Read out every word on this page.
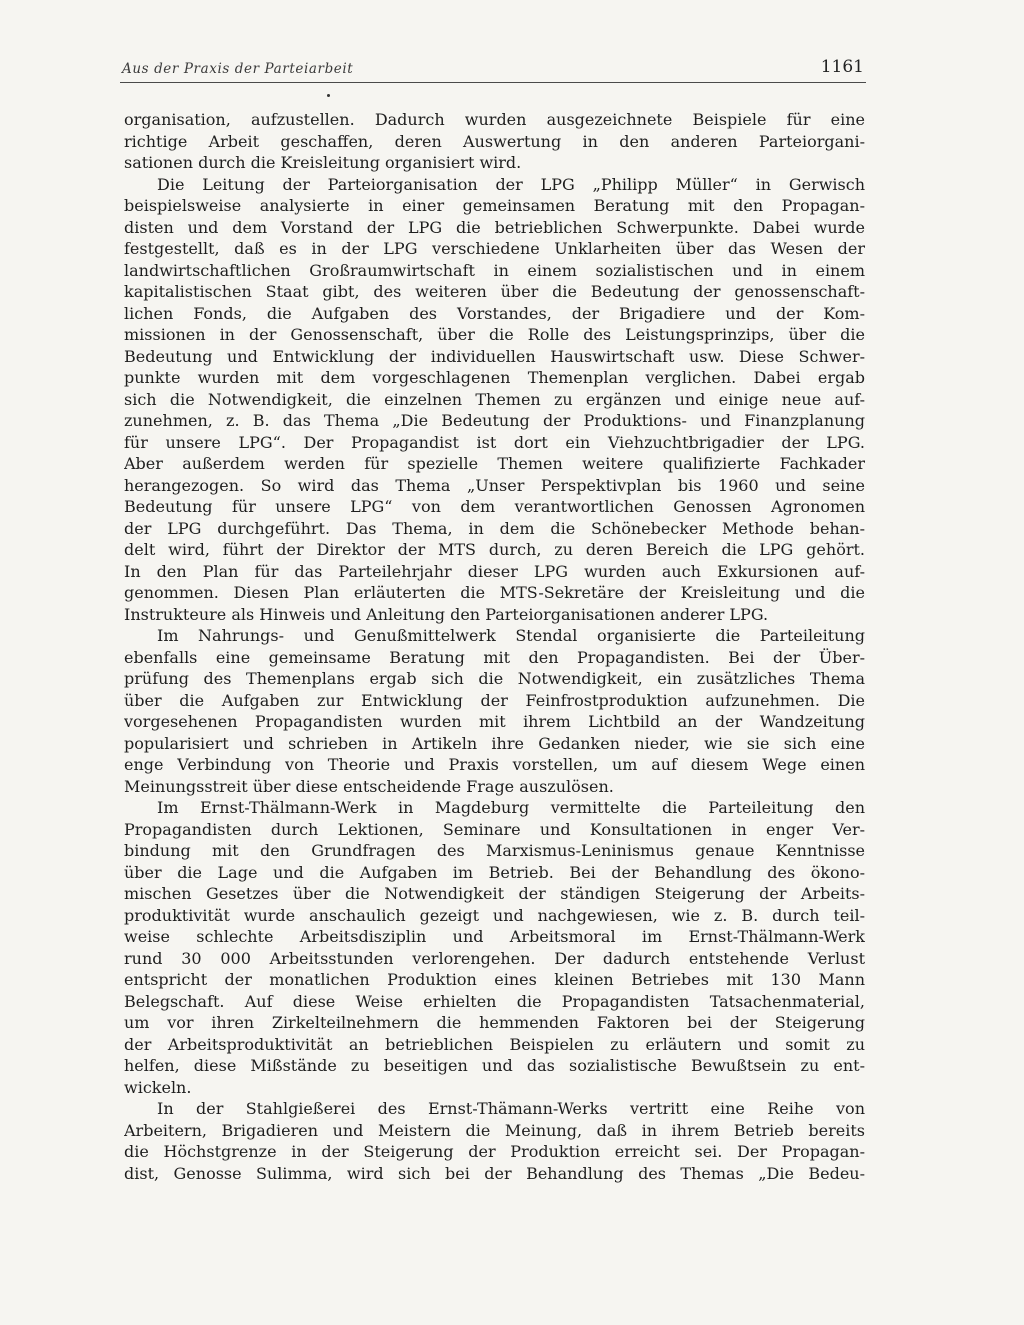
Aus der Praxis der Parteiarbeit	1161
organisation, aufzustellen. Dadurch wurden ausgezeichnete Beispiele für eine
richtige Arbeit geschaffen, deren Auswertung in den anderen Parteiorgani-
sationen durch die Kreisleitung organisiert wird.
Die Leitung der Parteiorganisation der LPG „Philipp Müller“ in Gerwisch
beispielsweise analysierte in einer gemeinsamen Beratung mit den Propagan-
disten und dem Vorstand der LPG die betrieblichen Schwerpunkte. Dabei wurde
festgestellt, daß es in der LPG verschiedene Unklarheiten über das Wesen der
landwirtschaftlichen Großraumwirtschaft in einem sozialistischen und in einem
kapitalistischen Staat gibt, des weiteren über die Bedeutung der genossenschaft-
lichen Fonds, die Aufgaben des Vorstandes, der Brigadiere und der Kom-
missionen in der Genossenschaft, über die Rolle des Leistungsprinzips, über die
Bedeutung und Entwicklung der individuellen Hauswirtschaft usw. Diese Schwer-
punkte wurden mit dem vorgeschlagenen Themenplan verglichen. Dabei ergab
sich die Notwendigkeit, die einzelnen Themen zu ergänzen und einige neue auf-
zunehmen, z. B. das Thema „Die Bedeutung der Produktions- und Finanzplanung
für unsere LPG“. Der Propagandist ist dort ein Viehzuchtbrigadier der LPG.
Aber außerdem werden für spezielle Themen weitere qualifizierte Fachkader
herangezogen. So wird das Thema „Unser Perspektivplan bis 1960 und seine
Bedeutung für unsere LPG“ von dem verantwortlichen Genossen Agronomen
der LPG durchgeführt. Das Thema, in dem die Schönebecker Methode behan-
delt wird, führt der Direktor der MTS durch, zu deren Bereich die LPG gehört.
In den Plan für das Parteilehrjahr dieser LPG wurden auch Exkursionen auf-
genommen. Diesen Plan erläuterten die MTS-Sekretäre der Kreisleitung und die
Instrukteure als Hinweis und Anleitung den Parteiorganisationen anderer LPG.
Im Nahrungs- und Genußmittelwerk Stendal organisierte die Parteileitung
ebenfalls eine gemeinsame Beratung mit den Propagandisten. Bei der Über-
prüfung des Themenplans ergab sich die Notwendigkeit, ein zusätzliches Thema
über die Aufgaben zur Entwicklung der Feinfrostproduktion aufzunehmen. Die
vorgesehenen Propagandisten wurden mit ihrem Lichtbild an der Wandzeitung
popularisiert und schrieben in Artikeln ihre Gedanken nieder, wie sie sich eine
enge Verbindung von Theorie und Praxis vorstellen, um auf diesem Wege einen
Meinungsstreit über diese entscheidende Frage auszulösen.
Im Ernst-Thälmann-Werk in Magdeburg vermittelte die Parteileitung den
Propagandisten durch Lektionen, Seminare und Konsultationen in enger Ver-
bindung mit den Grundfragen des Marxismus-Leninismus genaue Kenntnisse
über die Lage und die Aufgaben im Betrieb. Bei der Behandlung des ökono-
mischen Gesetzes über die Notwendigkeit der ständigen Steigerung der Arbeits-
produktivität wurde anschaulich gezeigt und nachgewiesen, wie z. B. durch teil-
weise schlechte Arbeitsdisziplin und Arbeitsmoral im Ernst-Thälmann-Werk
rund 30 000 Arbeitsstunden verlorengehen. Der dadurch entstehende Verlust
entspricht der monatlichen Produktion eines kleinen Betriebes mit 130 Mann
Belegschaft. Auf diese Weise erhielten die Propagandisten Tatsachenmaterial,
um vor ihren Zirkelteilnehmern die hemmenden Faktoren bei der Steigerung
der Arbeitsproduktivität an betrieblichen Beispielen zu erläutern und somit zu
helfen, diese Mißstände zu beseitigen und das sozialistische Bewußtsein zu ent-
wickeln.
In der Stahlgießerei des Ernst-Thämann-Werks vertritt eine Reihe von
Arbeitern, Brigadieren und Meistern die Meinung, daß in ihrem Betrieb bereits
die Höchstgrenze in der Steigerung der Produktion erreicht sei. Der Propagan-
dist, Genosse Sulimma, wird sich bei der Behandlung des Themas „Die Bedeu-
